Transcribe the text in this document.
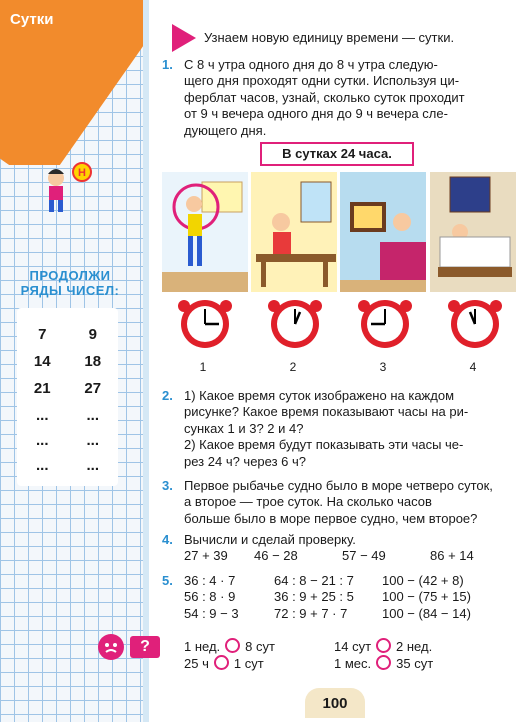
Сутки
Н
ПРОДОЛЖИ
РЯДЫ ЧИСЕЛ:
7	9
14	18
21	27
...	...
...	...
...	...
Узнаем новую единицу времени — сутки.
1. С 8 ч утра одного дня до 8 ч утра следую-
щего дня проходят одни сутки. Используя ци-
ферблат часов, узнай, сколько суток проходит
от 9 ч вечера одного дня до 9 ч вечера сле-
дующего дня.
В сутках 24 часа.
1	2	3	4
2. 1) Какое время суток изображено на каждом
рисунке? Какое время показывают часы на ри-
сунках 1 и 3? 2 и 4?
2) Какое время будут показывать эти часы че-
рез 24 ч? через 6 ч?
3. Первое рыбачье судно было в море четверо суток,
а второе — трое суток. На сколько часов
больше было в море первое судно, чем второе?
4. Вычисли и сделай проверку.
27 + 39	46 − 28	57 − 49	86 + 14
5. 36 : 4 · 7	64 : 8 − 21 : 7	100 − (42 + 8)
56 : 8 · 9	36 : 9 + 25 : 5	100 − (75 + 15)
54 : 9 − 3	72 : 9 + 7 · 7	100 − (84 − 14)
1 нед. 8 сут	14 сут 2 нед.
25 ч 1 сут	1 мес. 35 сут
100
?
